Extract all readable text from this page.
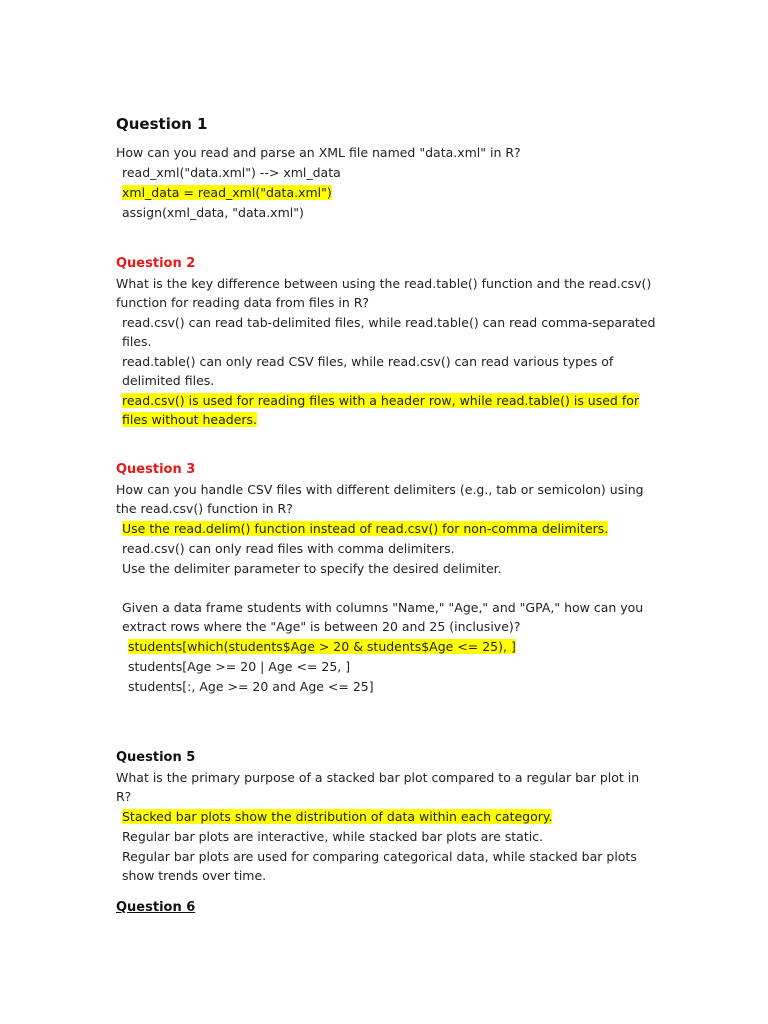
Question 1
How can you read and parse an XML file named "data.xml" in R?
read_xml("data.xml") --> xml_data
xml_data = read_xml("data.xml")
assign(xml_data, "data.xml")
Question 2
What is the key difference between using the read.table() function and the read.csv() function for reading data from files in R?
read.csv() can read tab-delimited files, while read.table() can read comma-separated files.
read.table() can only read CSV files, while read.csv() can read various types of delimited files.
read.csv() is used for reading files with a header row, while read.table() is used for files without headers.
Question 3
How can you handle CSV files with different delimiters (e.g., tab or semicolon) using the read.csv() function in R?
Use the read.delim() function instead of read.csv() for non-comma delimiters.
read.csv() can only read files with comma delimiters.
Use the delimiter parameter to specify the desired delimiter.
Given a data frame students with columns "Name," "Age," and "GPA," how can you extract rows where the "Age" is between 20 and 25 (inclusive)?
students[which(students$Age > 20 & students$Age <= 25), ]
students[Age >= 20 | Age <= 25, ]
students[:, Age >= 20 and Age <= 25]
Question 5
What is the primary purpose of a stacked bar plot compared to a regular bar plot in R?
Stacked bar plots show the distribution of data within each category.
Regular bar plots are interactive, while stacked bar plots are static.
Regular bar plots are used for comparing categorical data, while stacked bar plots show trends over time.
Question 6
